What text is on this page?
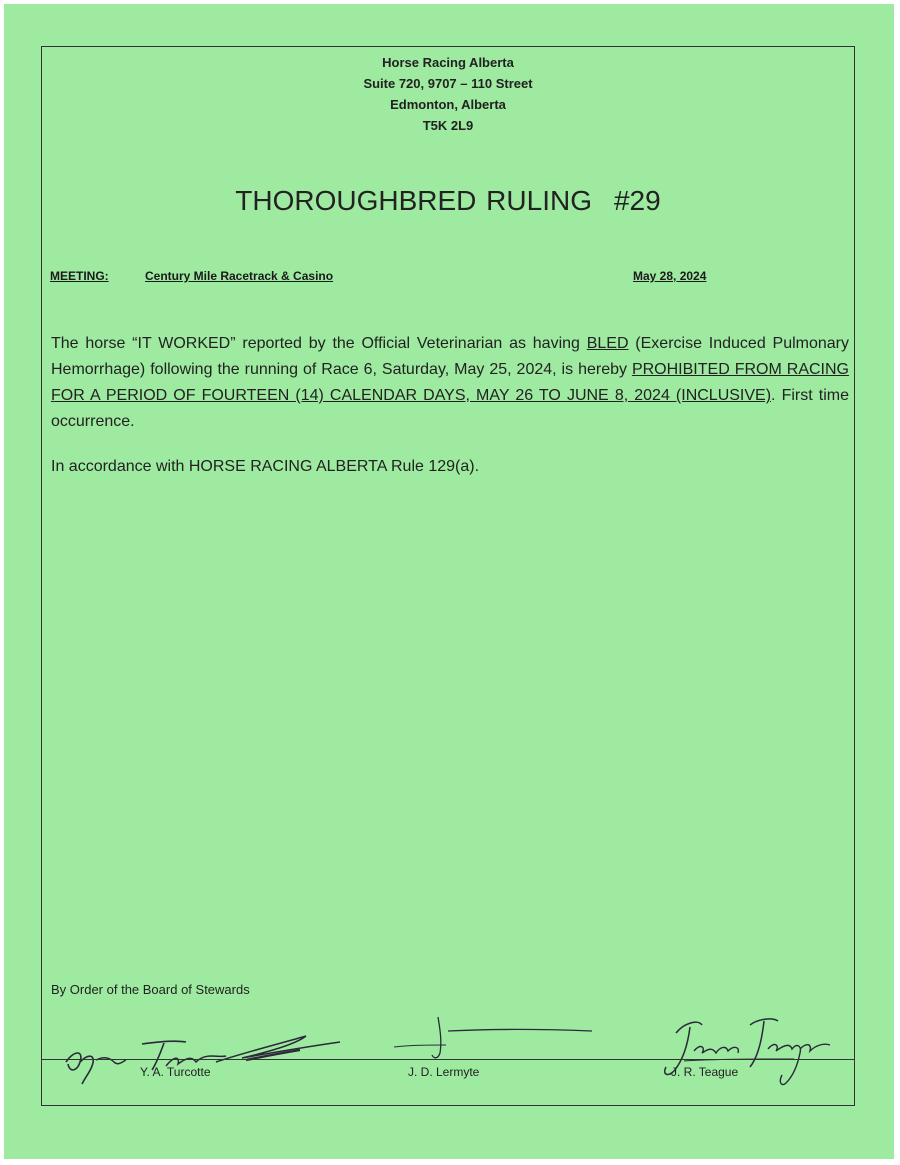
Horse Racing Alberta
Suite 720, 9707 – 110 Street
Edmonton, Alberta
T5K 2L9
THOROUGHBRED RULING #29
MEETING:	Century Mile Racetrack & Casino	May 28, 2024
The horse “IT WORKED” reported by the Official Veterinarian as having BLED (Exercise Induced Pulmonary Hemorrhage) following the running of Race 6, Saturday, May 25, 2024, is hereby PROHIBITED FROM RACING FOR A PERIOD OF FOURTEEN (14) CALENDAR DAYS, MAY 26 TO JUNE 8, 2024 (INCLUSIVE). First time occurrence.
In accordance with HORSE RACING ALBERTA Rule 129(a).
By Order of the Board of Stewards
Y. A. Turcotte	J. D. Lermyte	J. R. Teague
